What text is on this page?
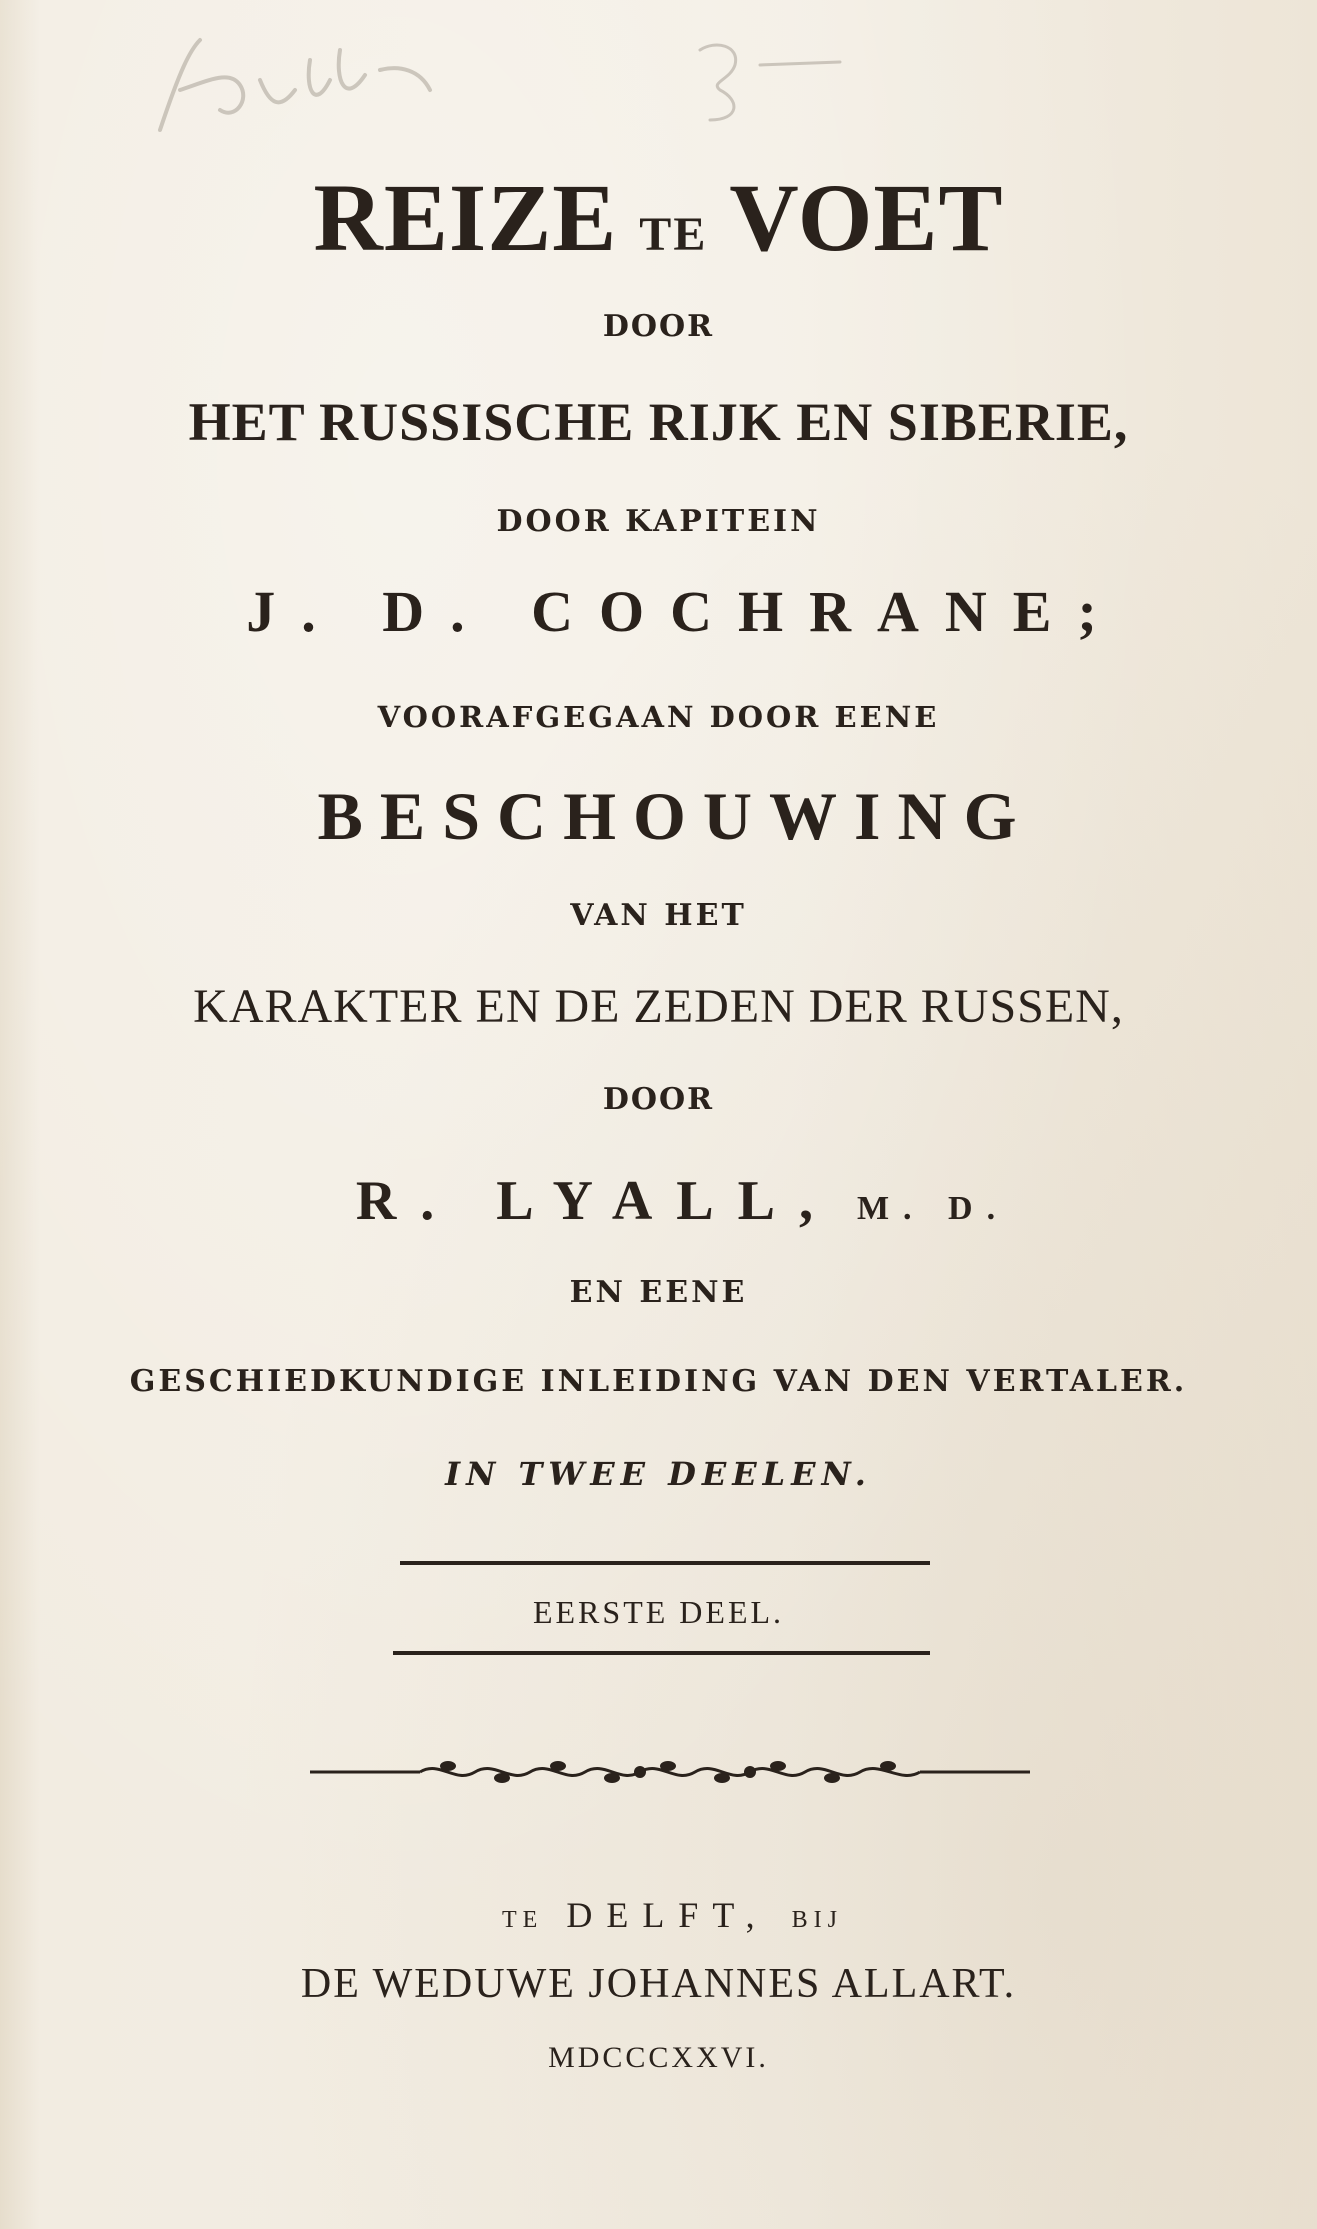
REIZE TE VOET
DOOR
HET RUSSISCHE RIJK EN SIBERIE,
DOOR KAPITEIN
J. D. COCHRANE;
VOORAFGEGAAN DOOR EENE
BESCHOUWING
VAN HET
KARAKTER EN DE ZEDEN DER RUSSEN,
DOOR
R. LYALL, M. D.
EN EENE
GESCHIEDKUNDIGE INLEIDING VAN DEN VERTALER.
IN TWEE DEELEN.
EERSTE DEEL.
TE DELFT, BIJ
DE WEDUWE JOHANNES ALLART.
MDCCCXXVI.
